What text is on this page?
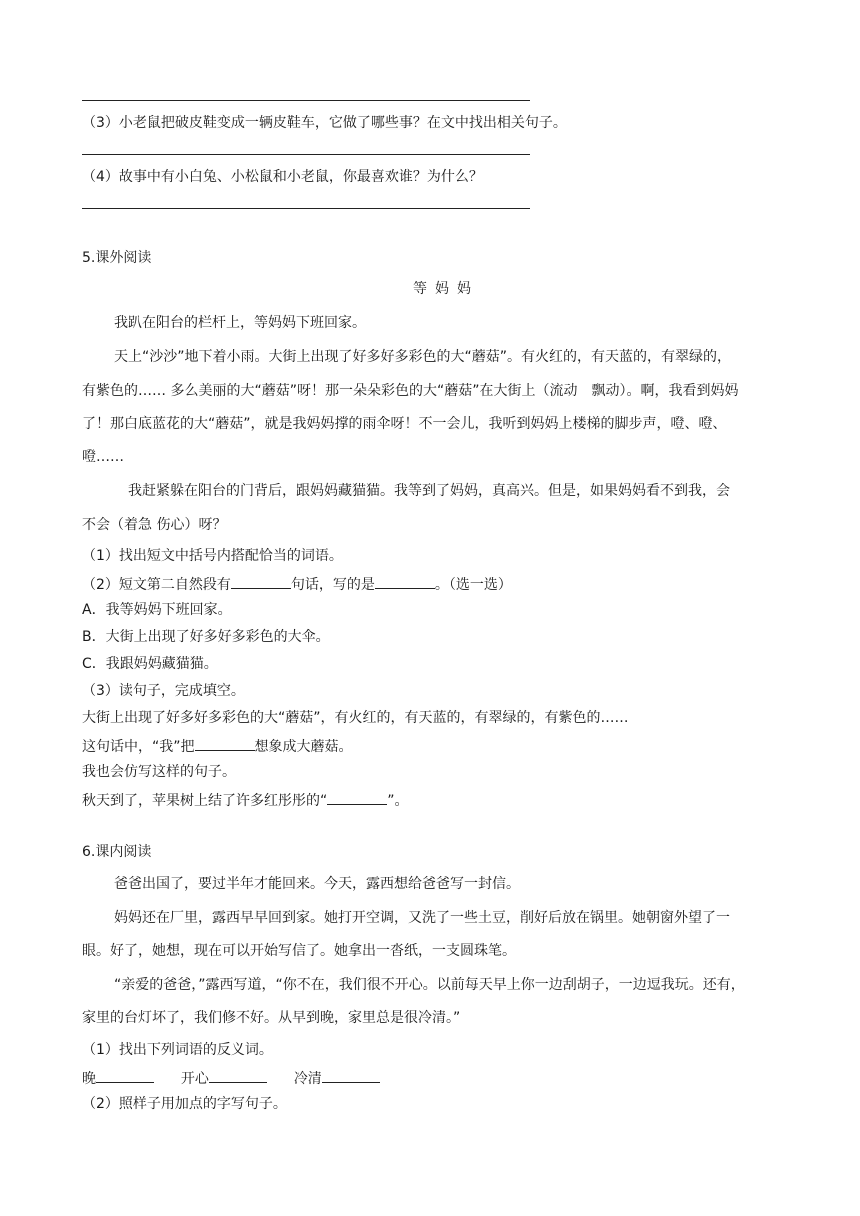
（3）小老鼠把破皮鞋变成一辆皮鞋车，它做了哪些事？在文中找出相关句子。
（4）故事中有小白兔、小松鼠和小老鼠，你最喜欢谁？为什么？
5.课外阅读
等妈妈
我趴在阳台的栏杆上，等妈妈下班回家。
天上“沙沙”地下着小雨。大街上出现了好多好多彩色的大“蘑菇”。有火红的，有天蓝的，有翠绿的，
有紫色的…… 多么美丽的大“蘑菇”呀！那一朵朵彩色的大“蘑菇”在大街上（流动　飘动）。啊，我看到妈妈
了！那白底蓝花的大“蘑菇”，就是我妈妈撑的雨伞呀！不一会儿，我听到妈妈上楼梯的脚步声，噔、噔、
噔……
我赶紧躲在阳台的门背后，跟妈妈藏猫猫。我等到了妈妈，真高兴。但是，如果妈妈看不到我，会
不会（着急 伤心）呀？
（1）找出短文中括号内搭配恰当的词语。
（2）短文第二自然段有	句话，写的是	。（选一选）
A．我等妈妈下班回家。
B．大街上出现了好多好多彩色的大伞。
C．我跟妈妈藏猫猫。
（3）读句子，完成填空。
大街上出现了好多好多彩色的大“蘑菇”，有火红的，有天蓝的，有翠绿的，有紫色的……
这句话中，“我”把	想象成大蘑菇。
我也会仿写这样的句子。
秋天到了，苹果树上结了许多红彤彤的“	”。
6.课内阅读
爸爸出国了，要过半年才能回来。今天，露西想给爸爸写一封信。
妈妈还在厂里，露西早早回到家。她打开空调，又洗了一些土豆，削好后放在锅里。她朝窗外望了一
眼。好了，她想，现在可以开始写信了。她拿出一沓纸，一支圆珠笔。
“亲爱的爸爸，”露西写道，“你不在，我们很不开心。以前每天早上你一边刮胡子，一边逗我玩。还有，
家里的台灯坏了，我们修不好。从早到晚，家里总是很冷清。”
（1）找出下列词语的反义词。
晚	开心	冷清
（2）照样子用加点的字写句子。
